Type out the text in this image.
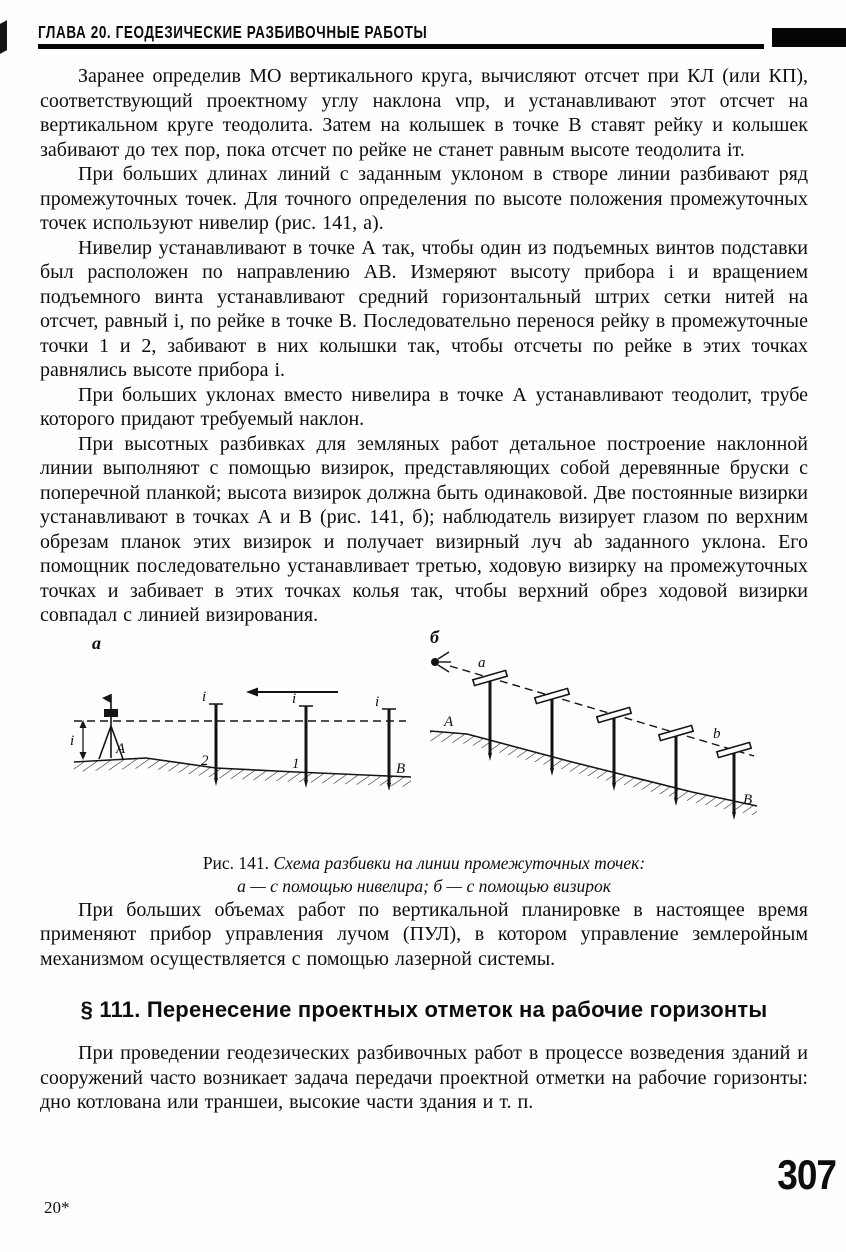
ГЛАВА 20. ГЕОДЕЗИЧЕСКИЕ РАЗБИВОЧНЫЕ РАБОТЫ

Заранее определив МО вертикального круга, вычисляют отсчет при КЛ (или КП), соответствующий проектному углу наклона νпр, и устанавливают этот отсчет на вертикальном круге теодолита. Затем на колышек в точке В ставят рейку и колышек забивают до тех пор, пока отсчет по рейке не станет равным высоте теодолита iт.

При больших длинах линий с заданным уклоном в створе линии разбивают ряд промежуточных точек. Для точного определения по высоте положения промежуточных точек используют нивелир (рис. 141, а).

Нивелир устанавливают в точке А так, чтобы один из подъемных винтов подставки был расположен по направлению АВ. Измеряют высоту прибора i и вращением подъемного винта устанавливают средний горизонтальный штрих сетки нитей на отсчет, равный i, по рейке в точке В. Последовательно перенося рейку в промежуточные точки 1 и 2, забивают в них колышки так, чтобы отсчеты по рейке в этих точках равнялись высоте прибора i.

При больших уклонах вместо нивелира в точке А устанавливают теодолит, трубе которого придают требуемый наклон.

При высотных разбивках для земляных работ детальное построение наклонной линии выполняют с помощью визирок, представляющих собой деревянные бруски с поперечной планкой; высота визирок должна быть одинаковой. Две постоянные визирки устанавливают в точках А и В (рис. 141, б); наблюдатель визирует глазом по верхним обрезам планок этих визирок и получает визирный луч ab заданного уклона. Его помощник последовательно устанавливает третью, ходовую визирку на промежуточных точках и забивает в этих точках колья так, чтобы верхний обрез ходовой визирки совпадал с линией визирования.

а	б
i
i	i	i
А
2	1	В
а
А
b
В
Рис. 141. Схема разбивки на линии промежуточных точек:
а — с помощью нивелира; б — с помощью визирок

При больших объемах работ по вертикальной планировке в настоящее время применяют прибор управления лучом (ПУЛ), в котором управление землеройным механизмом осуществляется с помощью лазерной системы.

§ 111. Перенесение проектных отметок на рабочие горизонты

При проведении геодезических разбивочных работ в процессе возведения зданий и сооружений часто возникает задача передачи проектной отметки на рабочие горизонты: дно котлована или траншеи, высокие части здания и т. п.

20*
307
